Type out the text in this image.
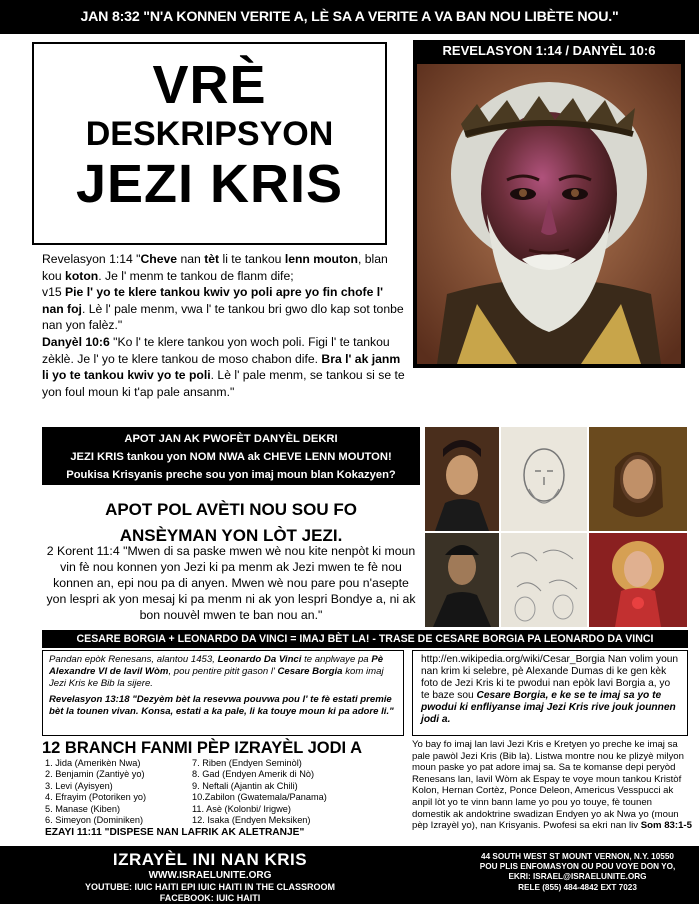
JAN 8:32 "N'A KONNEN VERITE A, LÈ SA A VERITE A VA BAN NOU LIBÈTE NOU."
VRÈ
DESKRIPSYON
JEZI KRIS
REVELASYON 1:14 / DANYÈL 10:6

Revelasyon 1:14 "Cheve nan tèt li te tankou lenn mouton, blan kou koton. Je l' menm te tankou de flanm dife;

v15 Pie l' yo te klere tankou kwiv yo poli apre yo fin chofe l' nan foj. Lè l' pale menm, vwa l' te tankou bri gwo dlo kap sot tonbe nan yon falèz."

Danyèl 10:6 "Ko l' te klere tankou yon woch poli. Figi l' te tankou zèklè. Je l' yo te klere tankou de moso chabon dife. Bra l' ak janm li yo te tankou kwiv yo te poli. Lè l' pale menm, se tankou si se te yon foul moun ki t'ap pale ansanm."

APOT JAN AK PWOFÈT DANYÈL DEKRI
JEZI KRIS tankou yon NOM NWA ak CHEVE LENN MOUTON!
Poukisa Krisyanis preche sou yon imaj moun blan Kokazyen?
APOT POL AVÈTI NOU SOU FO
ANSÈYMAN YON LÒT JEZI.
2 Korent 11:4 "Mwen di sa paske mwen wè nou kite nenpòt ki moun vin fè nou konnen yon Jezi ki pa menm ak Jezi mwen te fè nou konnen an, epi nou pa di anyen. Mwen wè nou pare pou n'asepte yon lespri ak yon mesaj ki pa menm ni ak yon lespri Bondye a, ni ak bon nouvèl mwen te ban nou an."
CESARE BORGIA + LEONARDO DA VINCI = IMAJ BÈT LA! - TRASE DE CESARE BORGIA PA LEONARDO DA VINCI

Pandan epòk Renesans, alantou 1453, Leonardo Da Vinci te anplwaye pa Pè Alexandre VI de lavil Wòm, pou pentire pitit gason l' Cesare Borgia kom imaj Jezi Kris ke Bib la sijere.

Revelasyon 13:18 "Dezyèm bèt la resevwa pouvwa pou l' te fè estati premie bèt la tounen vivan. Konsa, estati a ka pale, li ka touye moun ki pa adore li."

http://en.wikipedia.org/wiki/Cesar_Borgia Nan volim youn nan krim ki selebre, pè Alexande Dumas di ke gen kèk foto de Jezi Kris ki te pwodui nan epòk lavi Borgia a, yo te baze sou Cesare Borgia, e ke se te imaj sa yo te pwodui ki enfliyanse imaj Jezi Kris rive jouk jounnen jodi a.
12 BRANCH FANMI PÈP IZRAYÈL JODI A
1. Jida (Amerikèn Nwa)
2. Benjamin (Zantiyè yo)
3. Levi (Ayisyen)
4. Efrayim (Potoriken yo)
5. Manase (Kiben)
6. Simeyon (Dominiken)
7. Riben (Endyen Seminòl)
8. Gad (Endyen Amerik di Nò)
9. Neftali (Ajantin ak Chili)
10.Zabilon (Gwatemala/Panama)
11. Asè (Kolonbi/ Irigwe)
12. Isaka (Endyen Meksiken)
EZAYI 11:11 "DISPESE NAN LAFRIK AK ALETRANJE"
Yo bay fo imaj lan lavi Jezi Kris e Kretyen yo preche ke imaj sa pale pawòl Jezi Kris (Bib la). Listwa montre nou ke plizyè milyon moun paske yo pat adore imaj sa. Sa te komanse depi peryòd Renesans lan, lavil Wòm ak Espay te voye moun tankou Kristòf Kolon, Hernan Cortèz, Ponce Deleon, Americus Vesspucci ak anpil lòt yo te vinn bann lame yo pou yo touye, fè tounen domestik ak andoktrine swadizan Endyen yo ak Nwa yo (moun pèp Izrayèl yo), nan Krisyanis. Pwofesi sa ekri nan liv Som 83:1-5
IZRAYÈL INI NAN KRIS
WWW.ISRAELUNITE.ORG
YOUTUBE: IUIC HAITI EPI IUIC HAITI IN THE CLASSROOM
FACEBOOK: IUIC HAITI
44 SOUTH WEST ST MOUNT VERNON, N.Y. 10550
POU PLIS ENFOMASYON OU POU VOYE DON YO,
EKRI: ISRAEL@ISRAELUNITE.ORG
RELE (855) 484-4842 EXT 7023
